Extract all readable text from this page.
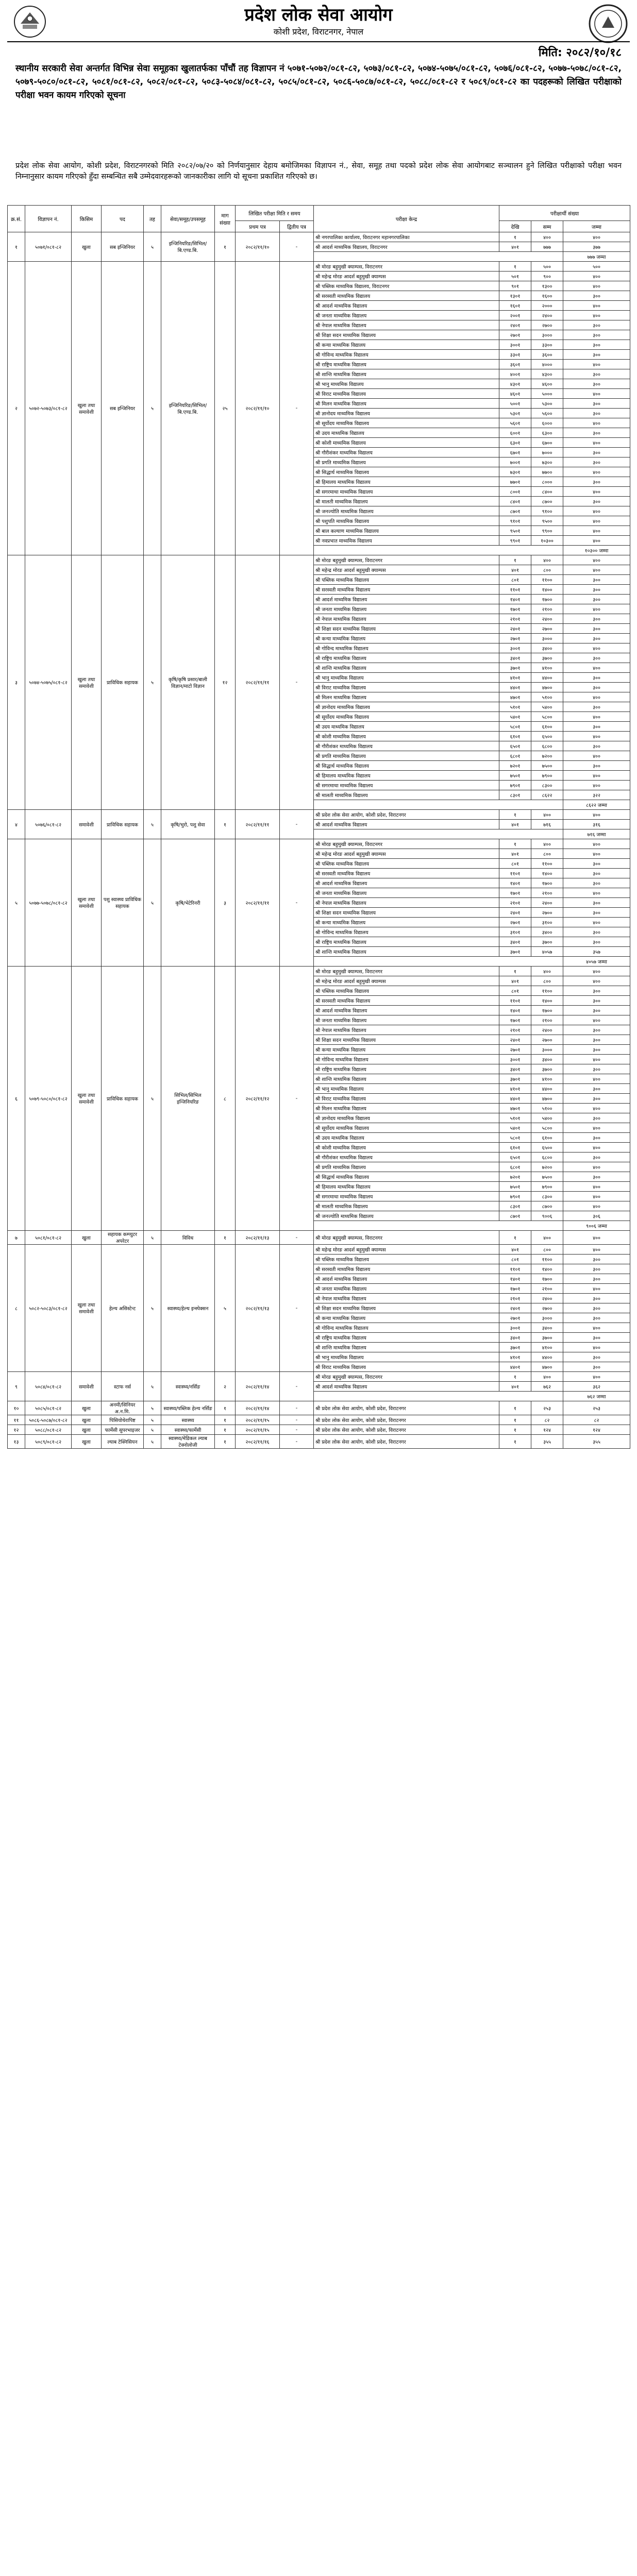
प्रदेश लोक सेवा आयोग
कोशी प्रदेश, विराटनगर, नेपाल
मिति: २०८२/१०/१८
स्थानीय सरकारी सेवा अन्तर्गत विभिन्न सेवा समूहका खुलातर्फका पाँचौं तह विज्ञापन नं ५०७१-५०७२/०८१-८२, ५०७३/०८१-८२, ५०७४-५०७५/०८१-८२, ५०७६/०८१-८२, ५०७७-५०७८/०८१-८२, ५०७९-५०८०/०८१-८२, ५०८१/०८१-८२, ५०८२/०८१-८२, ५०८३-५०८४/०८१-८२, ५०८५/०८१-८२, ५०८६-५०८७/०८१-८२, ५०८८/०८१-८२ र ५०८९/०८१-८२ का पदहरूको लिखित परीक्षाको परीक्षा भवन कायम गरिएको सूचना
प्रदेश लोक सेवा आयोग, कोशी प्रदेश, विराटनगरको मिति २०८२/०७/२० को निर्णयानुसार देहाय बमोजिमका विज्ञापन नं., सेवा, समूह तथा पदको प्रदेश लोक सेवा आयोगबाट सञ्चालन हुने लिखित परीक्षाको परीक्षा भवन निम्नानुसार कायम गरिएको हुँदा सम्बन्धित सबै उम्मेदवारहरूको जानकारीका लागि यो सूचना प्रकाशित गरिएको छ।
क्र.सं.	विज्ञापन नं.	किसिम	पद	तह	सेवा/समूह/उपसमूह	माग संख्या	लिखित परीक्षा मिति र समय		परीक्षा केन्द्र	परीक्षार्थी संख्या		
							प्रथम पत्र	द्वितीय पत्र		देखि	सम्म	जम्मा
१	५०७१/०८१-८२	खुला	सब इन्जिनियर	५	इन्जिनियरिङ/सिभिल/बि.एण्ड.बि.	१	२०८२/११/१०	-	श्री नगरपालिका कार्यालय, विराटनगर महानगरपालिका	१	४००	४००
									श्री आदर्श माध्यमिक विद्यालय, विराटनगर	४०१	७७७	३७७
												७७७ जम्मा
२	५०७२-५०७३/०८१-८२	खुला तथा समावेशी	सब इन्जिनियर	५	इन्जिनियरिङ/सिभिल/बि.एण्ड.बि.	२५	२०८२/११/१०	-	श्री मोरङ बहुमुखी क्याम्पस, विराटनगर	१	५००	५००
									श्री महेन्द्र मोरङ आदर्श बहुमुखी क्याम्पस	५०१	९००	४००
									श्री पब्लिक माध्यमिक विद्यालय, विराटनगर	९०१	१३००	४००
									श्री सरस्वती माध्यमिक विद्यालय	१३०१	१६००	३००
									श्री आदर्श माध्यमिक विद्यालय	१६०१	२०००	४००
									श्री जनता माध्यमिक विद्यालय	२००१	२४००	४००
									श्री नेपाल माध्यमिक विद्यालय	२४०१	२७००	३००
									श्री शिक्षा सदन माध्यमिक विद्यालय	२७०१	३०००	३००
									श्री कन्या माध्यमिक विद्यालय	३००१	३३००	३००
									श्री गोविन्द माध्यमिक विद्यालय	३३०१	३६००	३००
									श्री राष्ट्रिय माध्यमिक विद्यालय	३६०१	४०००	४००
									श्री शान्ति माध्यमिक विद्यालय	४००१	४३००	३००
									श्री भानु माध्यमिक विद्यालय	४३०१	४६००	३००
									श्री विराट माध्यमिक विद्यालय	४६०१	५०००	४००
									श्री मिलन माध्यमिक विद्यालय	५००१	५३००	३००
									श्री ज्ञानोदय माध्यमिक विद्यालय	५३०१	५६००	३००
									श्री सूर्योदय माध्यमिक विद्यालय	५६०१	६०००	४००
									श्री उदय माध्यमिक विद्यालय	६००१	६३००	३००
									श्री कोशी माध्यमिक विद्यालय	६३०१	६७००	४००
									श्री गौरीशंकर माध्यमिक विद्यालय	६७०१	७०००	३००
									श्री प्रगति माध्यमिक विद्यालय	७००१	७३००	३००
									श्री सिद्धार्थ माध्यमिक विद्यालय	७३०१	७७००	४००
									श्री हिमालय माध्यमिक विद्यालय	७७०१	८०००	३००
									श्री सगरमाथा माध्यमिक विद्यालय	८००१	८४००	४००
									श्री मालती माध्यमिक विद्यालय	८४०१	८७००	३००
									श्री जनज्योति माध्यमिक विद्यालय	८७०१	९१००	४००
									श्री पशुपति माध्यमिक विद्यालय	९१०१	९५००	४००
									श्री बाल कल्याण माध्यमिक विद्यालय	९५०१	९९००	४००
									श्री नवप्रभात माध्यमिक विद्यालय	९९०१	१०३००	४००
												१०३०० जम्मा
३	५०७४-५०७५/०८१-८२	खुला तथा समावेशी	प्राविधिक सहायक	५	कृषि/कृषि प्रसार/बाली विज्ञान/माटो विज्ञान	१२	२०८२/११/११	-	श्री मोरङ बहुमुखी क्याम्पस, विराटनगर	१	४००	४००
									श्री महेन्द्र मोरङ आदर्श बहुमुखी क्याम्पस	४०१	८००	४००
									श्री पब्लिक माध्यमिक विद्यालय	८०१	११००	३००
									श्री सरस्वती माध्यमिक विद्यालय	११०१	१४००	३००
									श्री आदर्श माध्यमिक विद्यालय	१४०१	१७००	३००
									श्री जनता माध्यमिक विद्यालय	१७०१	२१००	४००
									श्री नेपाल माध्यमिक विद्यालय	२१०१	२४००	३००
									श्री शिक्षा सदन माध्यमिक विद्यालय	२४०१	२७००	३००
									श्री कन्या माध्यमिक विद्यालय	२७०१	३०००	३००
									श्री गोविन्द माध्यमिक विद्यालय	३००१	३४००	४००
									श्री राष्ट्रिय माध्यमिक विद्यालय	३४०१	३७००	३००
									श्री शान्ति माध्यमिक विद्यालय	३७०१	४१००	४००
									श्री भानु माध्यमिक विद्यालय	४१०१	४४००	३००
									श्री विराट माध्यमिक विद्यालय	४४०१	४७००	३००
									श्री मिलन माध्यमिक विद्यालय	४७०१	५१००	४००
									श्री ज्ञानोदय माध्यमिक विद्यालय	५१०१	५४००	३००
									श्री सूर्योदय माध्यमिक विद्यालय	५४०१	५८००	४००
									श्री उदय माध्यमिक विद्यालय	५८०१	६१००	३००
									श्री कोशी माध्यमिक विद्यालय	६१०१	६५००	४००
									श्री गौरीशंकर माध्यमिक विद्यालय	६५०१	६८००	३००
									श्री प्रगति माध्यमिक विद्यालय	६८०१	७२००	४००
									श्री सिद्धार्थ माध्यमिक विद्यालय	७२०१	७५००	३००
									श्री हिमालय माध्यमिक विद्यालय	७५०१	७९००	४००
									श्री सगरमाथा माध्यमिक विद्यालय	७९०१	८३००	४००
									श्री मालती माध्यमिक विद्यालय	८३०१	८६२२	३२२
												८६२२ जम्मा
४	५०७६/०८१-८२	समावेशी	प्राविधिक सहायक	५	कृषि/भुरो, पशु सेवा	१	२०८२/११/११	-	श्री प्रदेश लोक सेवा आयोग, कोशी प्रदेश, विराटनगर	१	४००	४००
									श्री आदर्श माध्यमिक विद्यालय	४०१	७१६	३१६
												७१६ जम्मा
५	५०७७-५०७८/०८१-८२	खुला तथा समावेशी	पशु स्वास्थ्य प्राविधिक सहायक	५	कृषि/भेटेरिनरी	३	२०८२/११/११	-	श्री मोरङ बहुमुखी क्याम्पस, विराटनगर	१	४००	४००
									श्री महेन्द्र मोरङ आदर्श बहुमुखी क्याम्पस	४०१	८००	४००
									श्री पब्लिक माध्यमिक विद्यालय	८०१	११००	३००
									श्री सरस्वती माध्यमिक विद्यालय	११०१	१४००	३००
									श्री आदर्श माध्यमिक विद्यालय	१४०१	१७००	३००
									श्री जनता माध्यमिक विद्यालय	१७०१	२१००	४००
									श्री नेपाल माध्यमिक विद्यालय	२१०१	२४००	३००
									श्री शिक्षा सदन माध्यमिक विद्यालय	२४०१	२७००	३००
									श्री कन्या माध्यमिक विद्यालय	२७०१	३१००	४००
									श्री गोविन्द माध्यमिक विद्यालय	३१०१	३४००	३००
									श्री राष्ट्रिय माध्यमिक विद्यालय	३४०१	३७००	३००
									श्री शान्ति माध्यमिक विद्यालय	३७०१	४०५७	३५७
												४०५७ जम्मा
६	५०७९-५०८०/०८१-८२	खुला तथा समावेशी	प्राविधिक सहायक	५	सिभिल/सिभिल इन्जिनियरिङ	८	२०८२/११/१२	-	श्री मोरङ बहुमुखी क्याम्पस, विराटनगर	१	४००	४००
									श्री महेन्द्र मोरङ आदर्श बहुमुखी क्याम्पस	४०१	८००	४००
									श्री पब्लिक माध्यमिक विद्यालय	८०१	११००	३००
									श्री सरस्वती माध्यमिक विद्यालय	११०१	१४००	३००
									श्री आदर्श माध्यमिक विद्यालय	१४०१	१७००	३००
									श्री जनता माध्यमिक विद्यालय	१७०१	२१००	४००
									श्री नेपाल माध्यमिक विद्यालय	२१०१	२४००	३००
									श्री शिक्षा सदन माध्यमिक विद्यालय	२४०१	२७००	३००
									श्री कन्या माध्यमिक विद्यालय	२७०१	३०००	३००
									श्री गोविन्द माध्यमिक विद्यालय	३००१	३४००	४००
									श्री राष्ट्रिय माध्यमिक विद्यालय	३४०१	३७००	३००
									श्री शान्ति माध्यमिक विद्यालय	३७०१	४१००	४००
									श्री भानु माध्यमिक विद्यालय	४१०१	४४००	३००
									श्री विराट माध्यमिक विद्यालय	४४०१	४७००	३००
									श्री मिलन माध्यमिक विद्यालय	४७०१	५१००	४००
									श्री ज्ञानोदय माध्यमिक विद्यालय	५१०१	५४००	३००
									श्री सूर्योदय माध्यमिक विद्यालय	५४०१	५८००	४००
									श्री उदय माध्यमिक विद्यालय	५८०१	६१००	३००
									श्री कोशी माध्यमिक विद्यालय	६१०१	६५००	४००
									श्री गौरीशंकर माध्यमिक विद्यालय	६५०१	६८००	३००
									श्री प्रगति माध्यमिक विद्यालय	६८०१	७२००	४००
									श्री सिद्धार्थ माध्यमिक विद्यालय	७२०१	७५००	३००
									श्री हिमालय माध्यमिक विद्यालय	७५०१	७९००	४००
									श्री सगरमाथा माध्यमिक विद्यालय	७९०१	८३००	४००
									श्री मालती माध्यमिक विद्यालय	८३०१	८७००	४००
									श्री जनज्योति माध्यमिक विद्यालय	८७०१	९००६	३०६
												९००६ जम्मा
७	५०८१/०८१-८२	खुला	सहायक कम्प्युटर अपरेटर	५	विविध	१	२०८२/११/१३	-	श्री मोरङ बहुमुखी क्याम्पस, विराटनगर	१	४००	४००
८	५०८२-५०८३/०८१-८२	खुला तथा समावेशी	हेल्थ असिस्टेन्ट	५	स्वास्थ्य/हेल्थ इन्स्पेक्सन	५	२०८२/११/१३	-	श्री महेन्द्र मोरङ आदर्श बहुमुखी क्याम्पस	४०१	८००	४००
									श्री पब्लिक माध्यमिक विद्यालय	८०१	११००	३००
									श्री सरस्वती माध्यमिक विद्यालय	११०१	१४००	३००
									श्री आदर्श माध्यमिक विद्यालय	१४०१	१७००	३००
									श्री जनता माध्यमिक विद्यालय	१७०१	२१००	४००
									श्री नेपाल माध्यमिक विद्यालय	२१०१	२४००	३००
									श्री शिक्षा सदन माध्यमिक विद्यालय	२४०१	२७००	३००
									श्री कन्या माध्यमिक विद्यालय	२७०१	३०००	३००
									श्री गोविन्द माध्यमिक विद्यालय	३००१	३४००	४००
									श्री राष्ट्रिय माध्यमिक विद्यालय	३४०१	३७००	३००
									श्री शान्ति माध्यमिक विद्यालय	३७०१	४१००	४००
									श्री भानु माध्यमिक विद्यालय	४१०१	४४००	३००
									श्री विराट माध्यमिक विद्यालय	४४०१	४७००	३००
९	५०८४/०८१-८२	समावेशी	स्टाफ नर्स	५	स्वास्थ्य/नर्सिङ	२	२०८२/११/१४	-	श्री मोरङ बहुमुखी क्याम्पस, विराटनगर	१	४००	४००
									श्री आदर्श माध्यमिक विद्यालय	४०१	७६२	३६२
												७६२ जम्मा
१०	५०८५/०८१-८२	खुला	अनमी/सिनियर अ.न.मि.	५	स्वास्थ्य/पब्लिक हेल्थ नर्सिङ	१	२०८२/११/१४	-	श्री प्रदेश लोक सेवा आयोग, कोशी प्रदेश, विराटनगर	१	२५३	२५३
११	५०८६-५०८७/०८१-८२	खुला	पिसियोथेरापिष्ट	५	स्वास्थ्य	१	२०८२/११/१५	-	श्री प्रदेश लोक सेवा आयोग, कोशी प्रदेश, विराटनगर	१	८२	८२
१२	५०८८/०८१-८२	खुला	फार्मेसी सुपरभाइजर	५	स्वास्थ्य/फार्मेसी	१	२०८२/११/१५	-	श्री प्रदेश लोक सेवा आयोग, कोशी प्रदेश, विराटनगर	१	१२४	१२४
१३	५०८९/०८१-८२	खुला	ल्याब टेक्निसियन	५	स्वास्थ्य/मेडिकल ल्याब टेक्नोलोजी	१	२०८२/११/१६	-	श्री प्रदेश लोक सेवा आयोग, कोशी प्रदेश, विराटनगर	१	३५५	३५५
